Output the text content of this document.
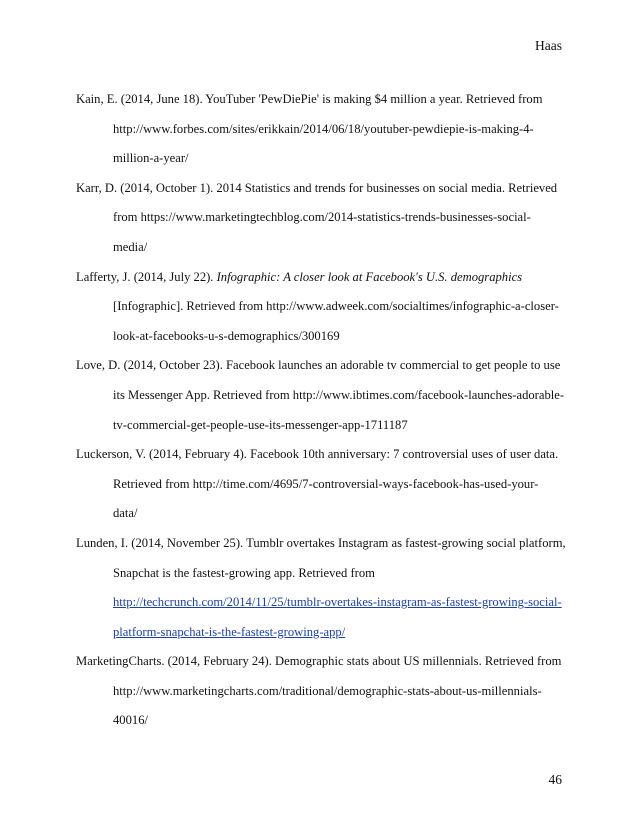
Haas
Kain, E. (2014, June 18). YouTuber 'PewDiePie' is making $4 million a year. Retrieved from
http://www.forbes.com/sites/erikkain/2014/06/18/youtuber-pewdiepie-is-making-4-
million-a-year/
Karr, D. (2014, October 1). 2014 Statistics and trends for businesses on social media. Retrieved
from https://www.marketingtechblog.com/2014-statistics-trends-businesses-social-
media/
Lafferty, J. (2014, July 22). Infographic: A closer look at Facebook's U.S. demographics
[Infographic]. Retrieved from http://www.adweek.com/socialtimes/infographic-a-closer-
look-at-facebooks-u-s-demographics/300169
Love, D. (2014, October 23). Facebook launches an adorable tv commercial to get people to use
its Messenger App. Retrieved from http://www.ibtimes.com/facebook-launches-adorable-
tv-commercial-get-people-use-its-messenger-app-1711187
Luckerson, V. (2014, February 4). Facebook 10th anniversary: 7 controversial uses of user data.
Retrieved from http://time.com/4695/7-controversial-ways-facebook-has-used-your-
data/
Lunden, I. (2014, November 25). Tumblr overtakes Instagram as fastest-growing social platform,
Snapchat is the fastest-growing app. Retrieved from
http://techcrunch.com/2014/11/25/tumblr-overtakes-instagram-as-fastest-growing-social-
platform-snapchat-is-the-fastest-growing-app/
MarketingCharts. (2014, February 24). Demographic stats about US millennials. Retrieved from
http://www.marketingcharts.com/traditional/demographic-stats-about-us-millennials-
40016/
46
